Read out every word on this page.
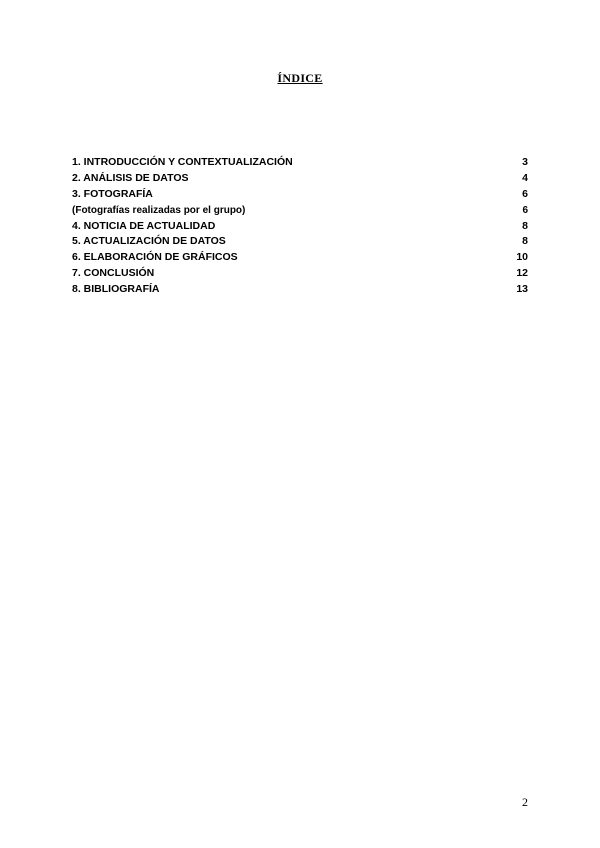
ÍNDICE
1. INTRODUCCIÓN Y CONTEXTUALIZACIÓN	3
2. ANÁLISIS DE DATOS	4
3. FOTOGRAFÍA	6
(Fotografías realizadas por el grupo)	6
4. NOTICIA DE ACTUALIDAD	8
5. ACTUALIZACIÓN DE DATOS	8
6. ELABORACIÓN DE GRÁFICOS	10
7. CONCLUSIÓN	12
8. BIBLIOGRAFÍA	13
2
